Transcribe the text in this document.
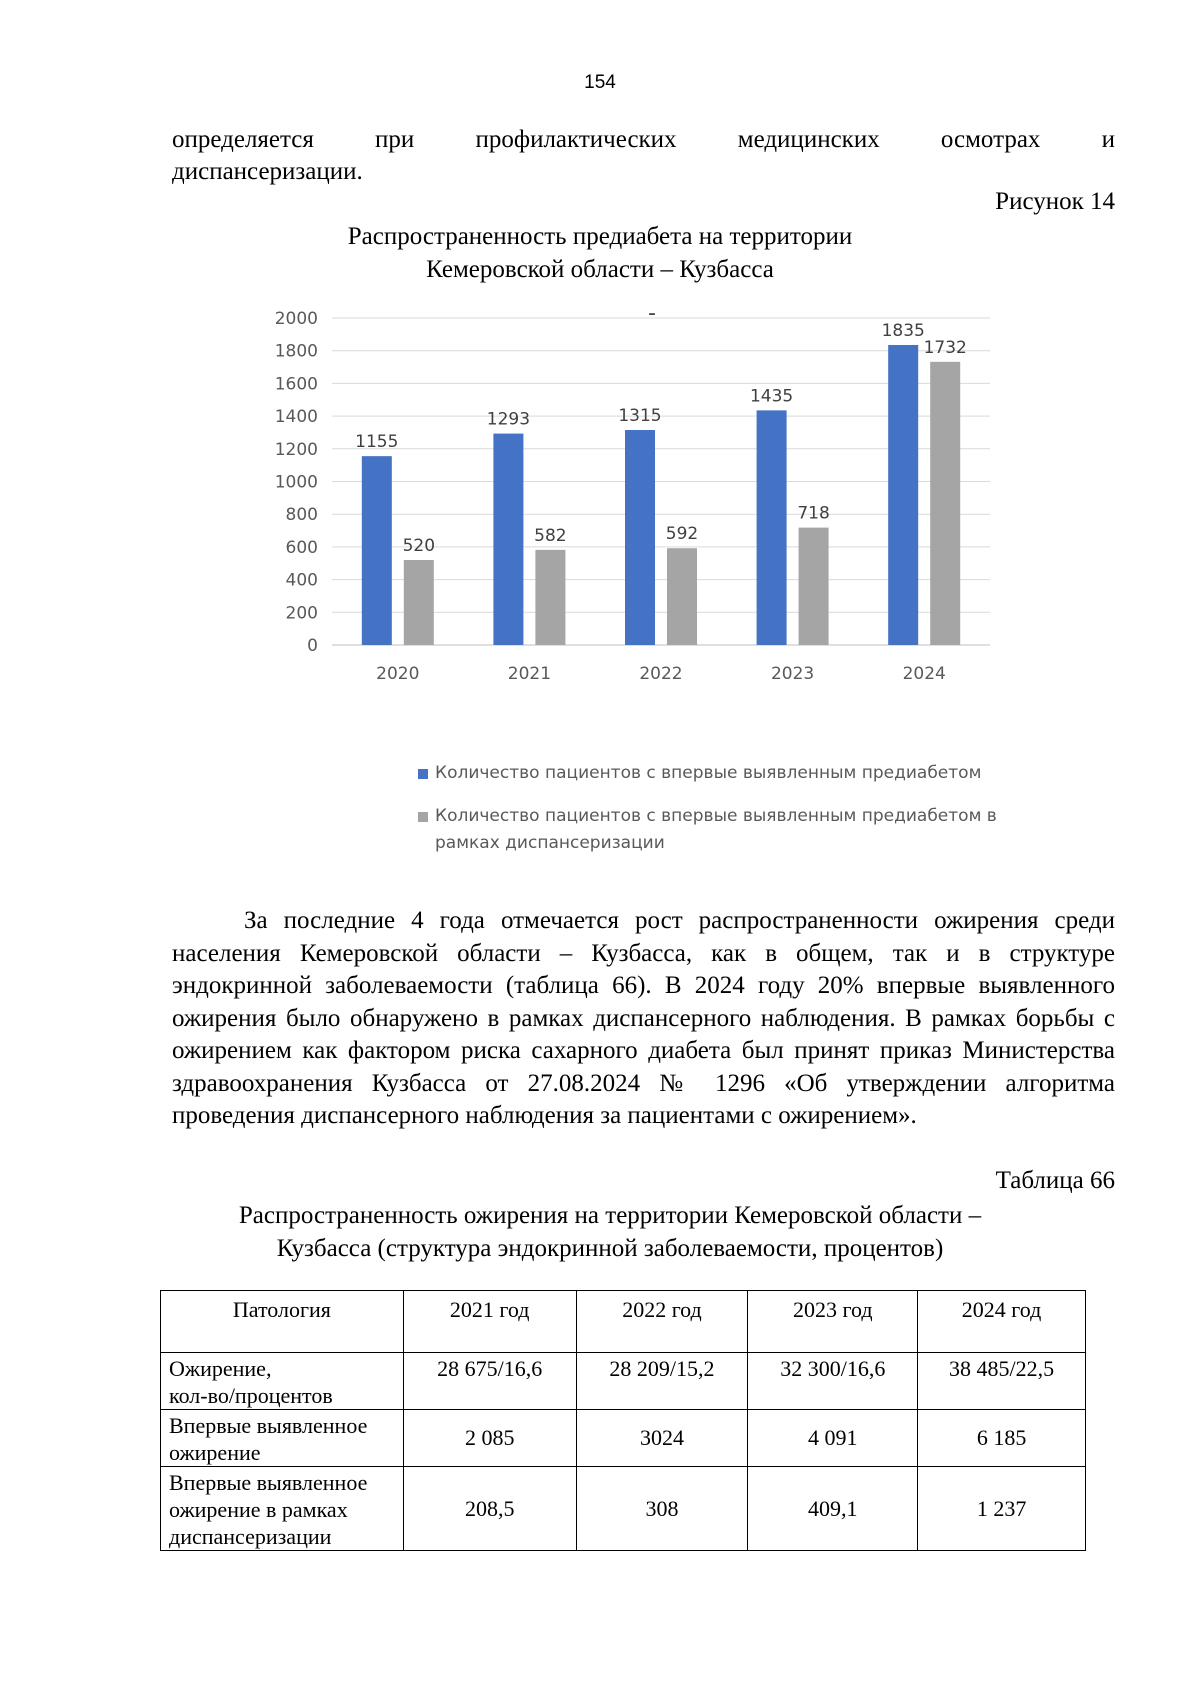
154

определяется при профилактических медицинских осмотрах и
диспансеризации.

Рисунок 14
Распространенность предиабета на территории
Кемеровской области – Кузбасса
-
0
200
400
600
800
1000
1200
1400
1600
1800
2000
1155
520
1293
582
1315
592
1435
718
1835
1732
2020	2021	2022	2023	2024
Количество пациентов с впервые выявленным предиабетом
Количество пациентов с впервые выявленным предиабетом в
рамках диспансеризации

За последние 4 года отмечается рост распространенности ожирения среди населения Кемеровской области – Кузбасса, как в общем, так и в структуре эндокринной заболеваемости (таблица 66). В 2024 году 20% впервые выявленного ожирения было обнаружено в рамках диспансерного наблюдения. В рамках борьбы с ожирением как фактором риска сахарного диабета был принят приказ Министерства здравоохранения Кузбасса от 27.08.2024 № 1296 «Об утверждении алгоритма проведения диспансерного наблюдения за пациентами с ожирением».

Таблица 66
Распространенность ожирения на территории Кемеровской области –
Кузбасса (структура эндокринной заболеваемости, процентов)
Патология	2021 год	2022 год	2023 год	2024 год

Ожирение,
кол-во/процентов	28 675/16,6	28 209/15,2	32 300/16,6	38 485/22,5

Впервые выявленное
ожирение	2 085	3024	4 091	6 185

Впервые выявленное
ожирение в рамках
диспансеризации	208,5	308	409,1	1 237
